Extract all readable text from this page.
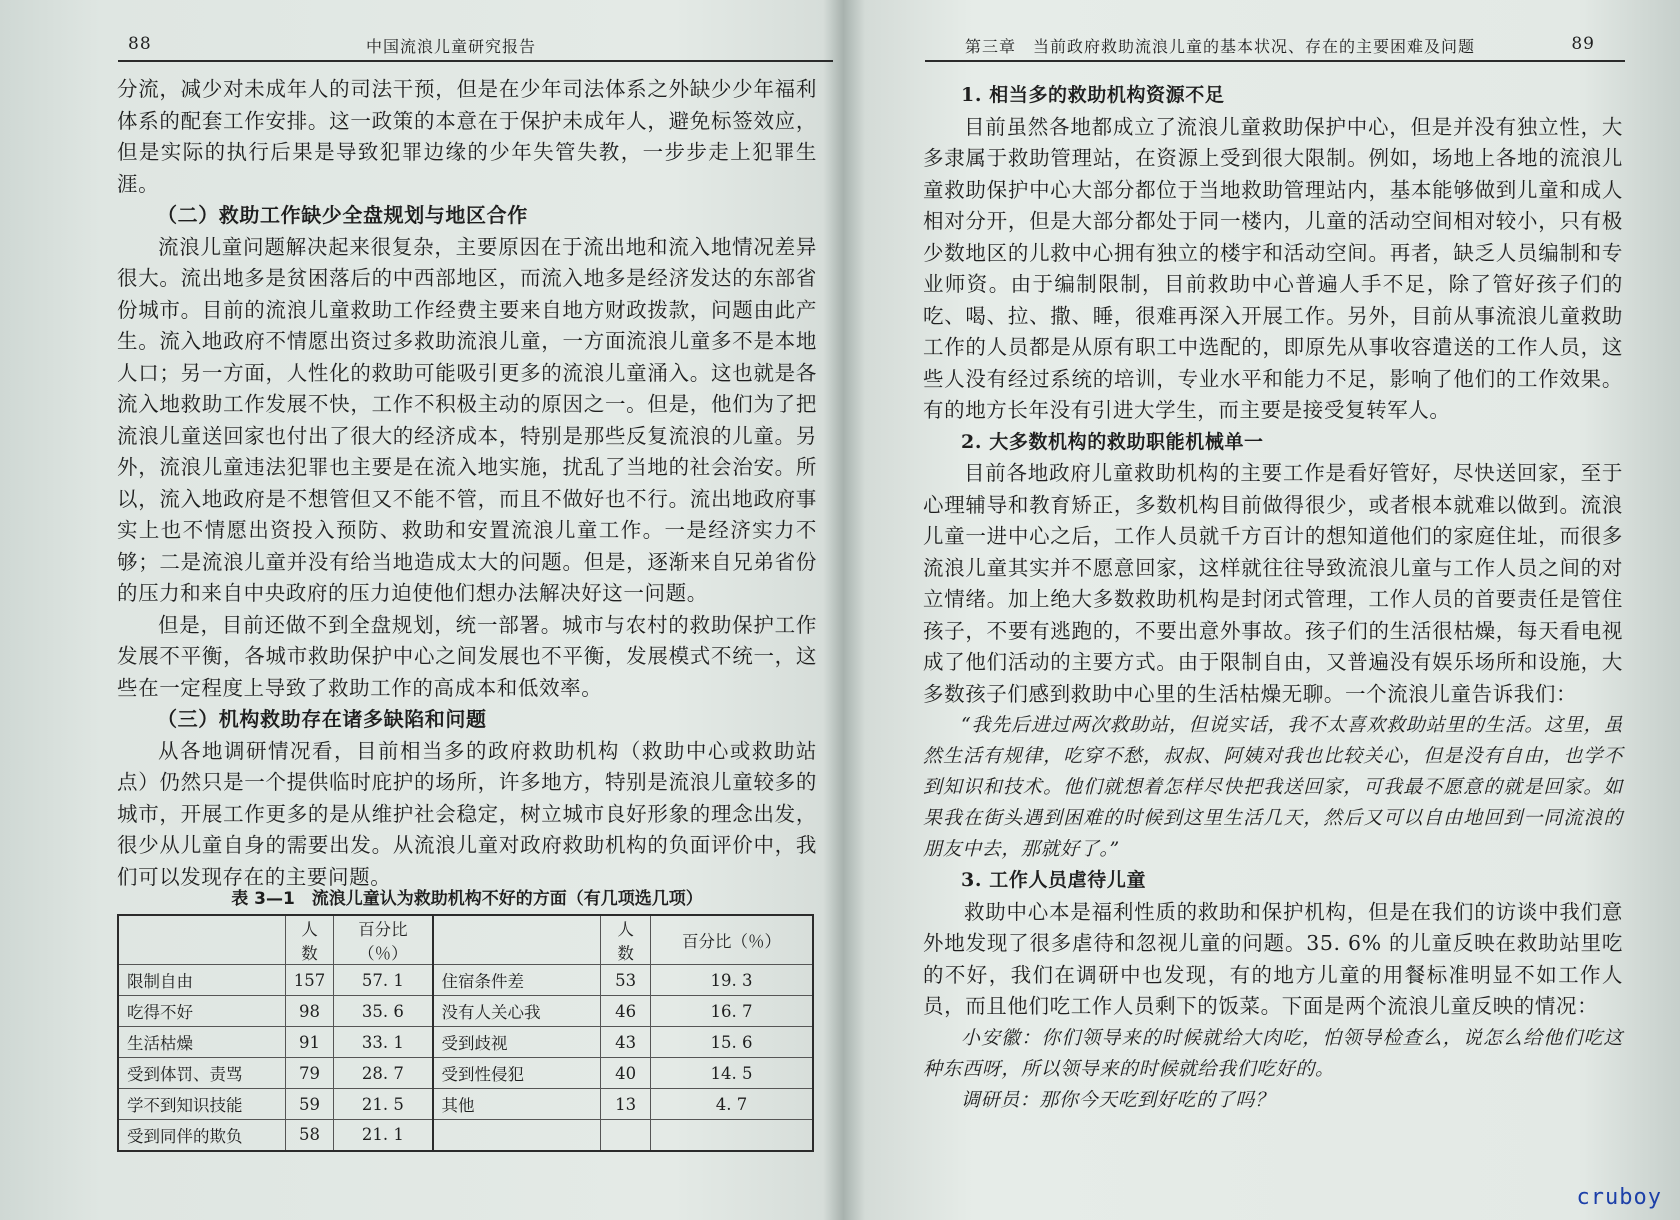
88	中国流浪儿童研究报告

分流，减少对未成年人的司法干预，但是在少年司法体系之外缺少少年福利体系的配套工作安排。这一政策的本意在于保护未成年人，避免标签效应，但是实际的执行后果是导致犯罪边缘的少年失管失教，一步步走上犯罪生涯。

（二）救助工作缺少全盘规划与地区合作

流浪儿童问题解决起来很复杂，主要原因在于流出地和流入地情况差异很大。流出地多是贫困落后的中西部地区，而流入地多是经济发达的东部省份城市。目前的流浪儿童救助工作经费主要来自地方财政拨款，问题由此产生。流入地政府不情愿出资过多救助流浪儿童，一方面流浪儿童多不是本地人口；另一方面，人性化的救助可能吸引更多的流浪儿童涌入。这也就是各流入地救助工作发展不快，工作不积极主动的原因之一。但是，他们为了把流浪儿童送回家也付出了很大的经济成本，特别是那些反复流浪的儿童。另外，流浪儿童违法犯罪也主要是在流入地实施，扰乱了当地的社会治安。所以，流入地政府是不想管但又不能不管，而且不做好也不行。流出地政府事实上也不情愿出资投入预防、救助和安置流浪儿童工作。一是经济实力不够；二是流浪儿童并没有给当地造成太大的问题。但是，逐渐来自兄弟省份的压力和来自中央政府的压力迫使他们想办法解决好这一问题。

但是，目前还做不到全盘规划，统一部署。城市与农村的救助保护工作发展不平衡，各城市救助保护中心之间发展也不平衡，发展模式不统一，这些在一定程度上导致了救助工作的高成本和低效率。

（三）机构救助存在诸多缺陷和问题

从各地调研情况看，目前相当多的政府救助机构（救助中心或救助站点）仍然只是一个提供临时庇护的场所，许多地方，特别是流浪儿童较多的城市，开展工作更多的是从维护社会稳定，树立城市良好形象的理念出发，很少从儿童自身的需要出发。从流浪儿童对政府救助机构的负面评价中，我们可以发现存在的主要问题。

表 3—1　流浪儿童认为救助机构不好的方面（有几项选几项）
	人数	百分比（％）		人数	百分比（％）
限制自由	157	57. 1	住宿条件差	53	19. 3
吃得不好	98	35. 6	没有人关心我	46	16. 7
生活枯燥	91	33. 1	受到歧视	43	15. 6
受到体罚、责骂	79	28. 7	受到性侵犯	40	14. 5
学不到知识技能	59	21. 5	其他	13	4. 7
受到同伴的欺负	58	21. 1			
第三章　当前政府救助流浪儿童的基本状况、存在的主要困难及问题	89
1. 相当多的救助机构资源不足

目前虽然各地都成立了流浪儿童救助保护中心，但是并没有独立性，大多隶属于救助管理站，在资源上受到很大限制。例如，场地上各地的流浪儿童救助保护中心大部分都位于当地救助管理站内，基本能够做到儿童和成人相对分开，但是大部分都处于同一楼内，儿童的活动空间相对较小，只有极少数地区的儿救中心拥有独立的楼宇和活动空间。再者，缺乏人员编制和专业师资。由于编制限制，目前救助中心普遍人手不足，除了管好孩子们的吃、喝、拉、撒、睡，很难再深入开展工作。另外，目前从事流浪儿童救助工作的人员都是从原有职工中选配的，即原先从事收容遣送的工作人员，这些人没有经过系统的培训，专业水平和能力不足，影响了他们的工作效果。有的地方长年没有引进大学生，而主要是接受复转军人。

2. 大多数机构的救助职能机械单一

目前各地政府儿童救助机构的主要工作是看好管好，尽快送回家，至于心理辅导和教育矫正，多数机构目前做得很少，或者根本就难以做到。流浪儿童一进中心之后，工作人员就千方百计的想知道他们的家庭住址，而很多流浪儿童其实并不愿意回家，这样就往往导致流浪儿童与工作人员之间的对立情绪。加上绝大多数救助机构是封闭式管理，工作人员的首要责任是管住孩子，不要有逃跑的，不要出意外事故。孩子们的生活很枯燥，每天看电视成了他们活动的主要方式。由于限制自由，又普遍没有娱乐场所和设施，大多数孩子们感到救助中心里的生活枯燥无聊。一个流浪儿童告诉我们：

“我先后进过两次救助站，但说实话，我不太喜欢救助站里的生活。这里，虽然生活有规律，吃穿不愁，叔叔、阿姨对我也比较关心，但是没有自由，也学不到知识和技术。他们就想着怎样尽快把我送回家，可我最不愿意的就是回家。如果我在街头遇到困难的时候到这里生活几天，然后又可以自由地回到一同流浪的朋友中去，那就好了。”

3. 工作人员虐待儿童

救助中心本是福利性质的救助和保护机构，但是在我们的访谈中我们意外地发现了很多虐待和忽视儿童的问题。35. 6% 的儿童反映在救助站里吃的不好，我们在调研中也发现，有的地方儿童的用餐标准明显不如工作人员，而且他们吃工作人员剩下的饭菜。下面是两个流浪儿童反映的情况：

小安徽：你们领导来的时候就给大肉吃，怕领导检查么，说怎么给他们吃这种东西呀，所以领导来的时候就给我们吃好的。

调研员：那你今天吃到好吃的了吗？

cruboy
